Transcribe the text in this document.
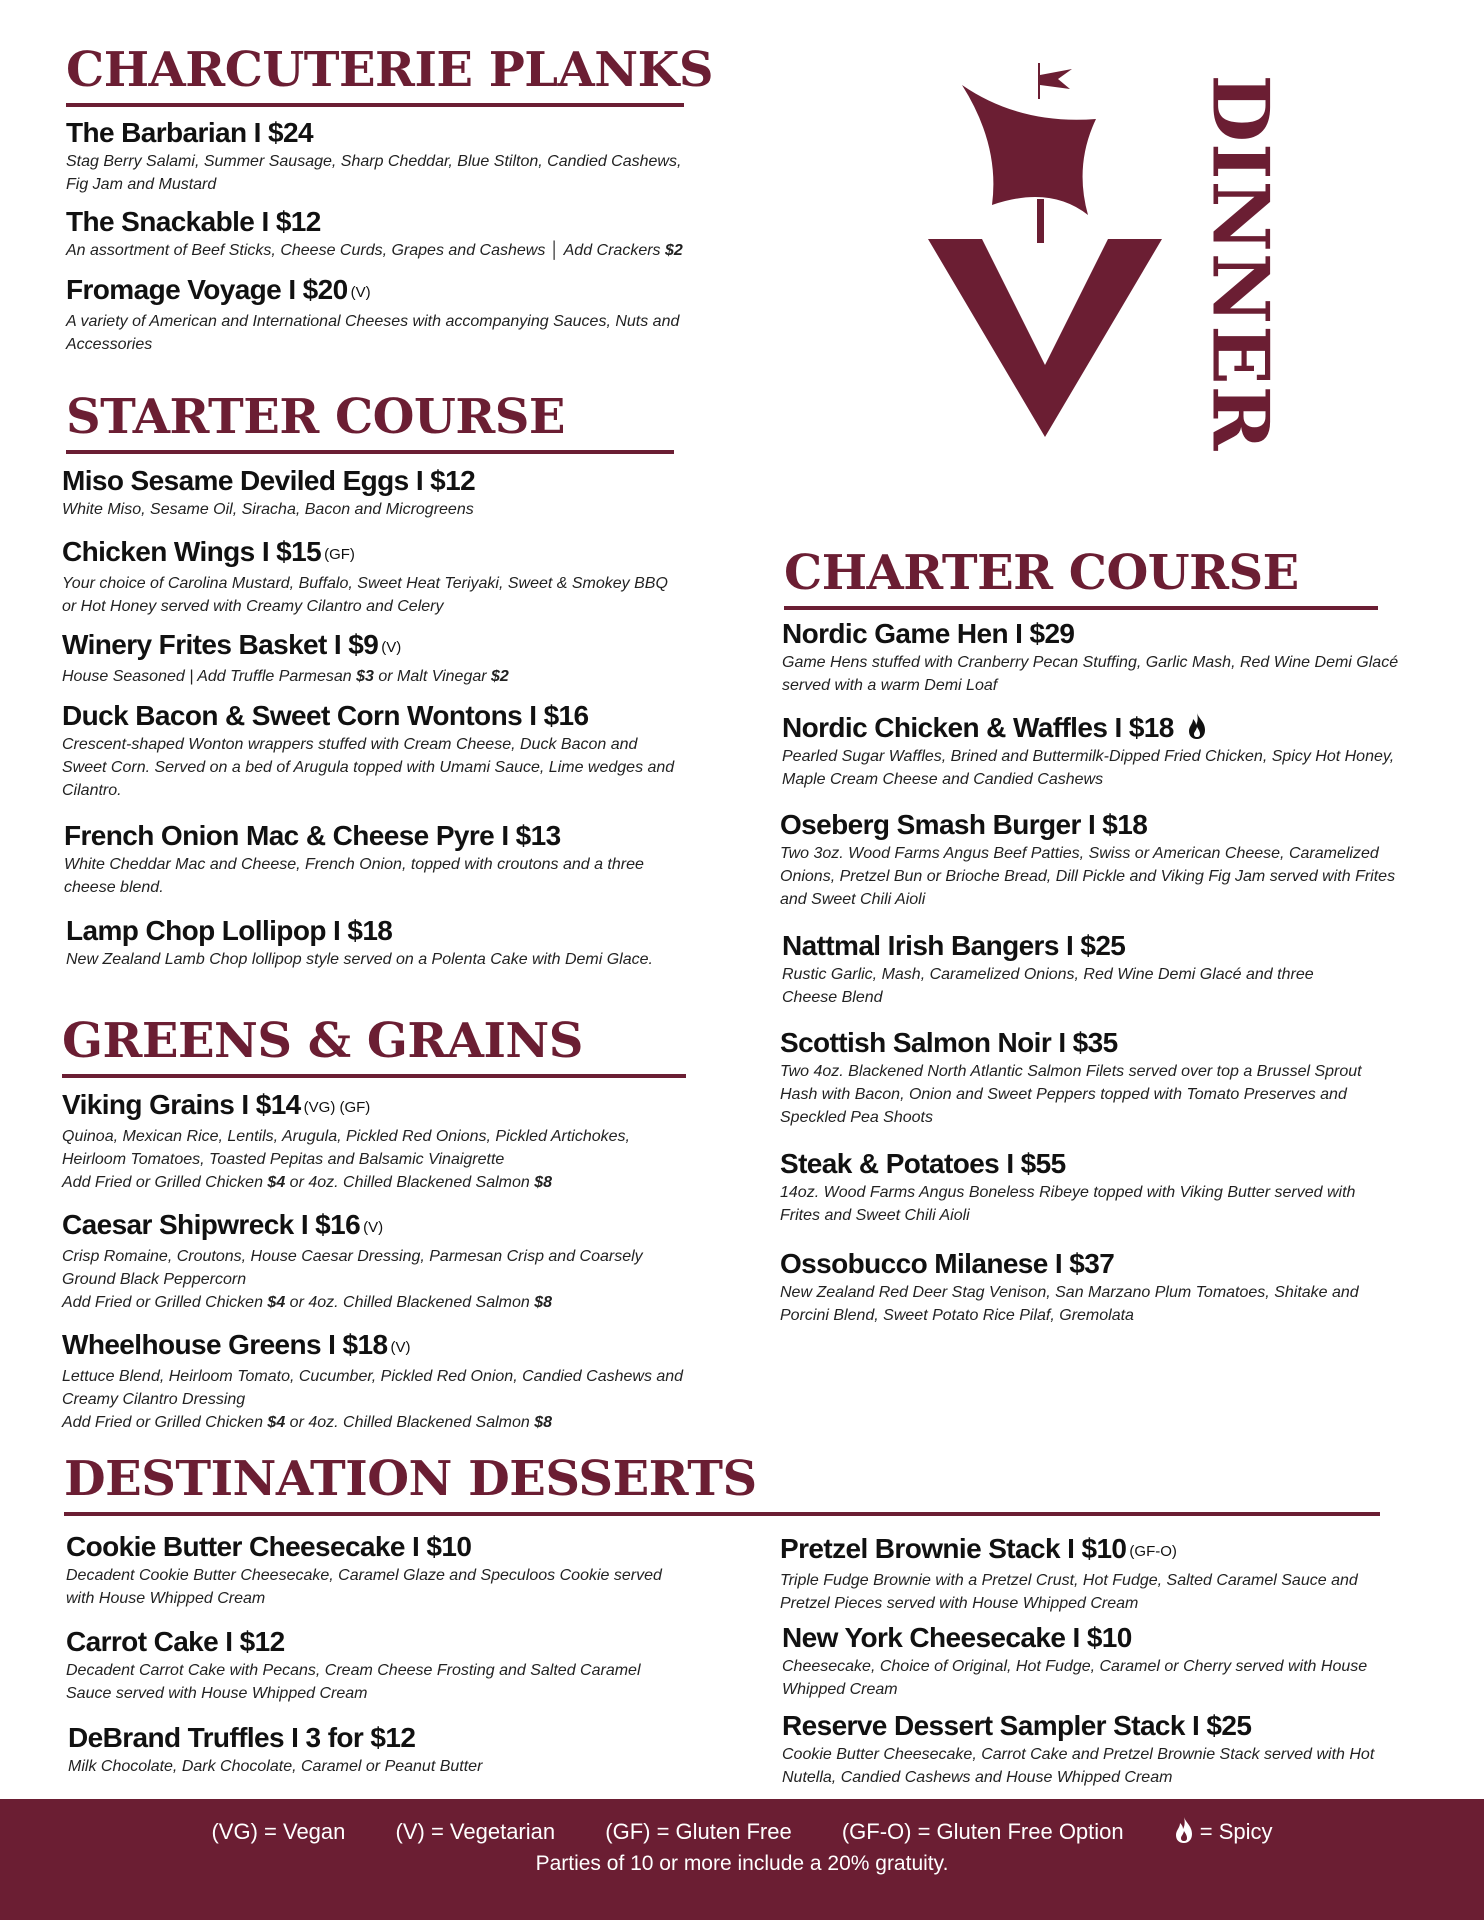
CHARCUTERIE PLANKS
The Barbarian I $24
Stag Berry Salami, Summer Sausage, Sharp Cheddar, Blue Stilton, Candied Cashews, Fig Jam and Mustard
The Snackable I $12
An assortment of Beef Sticks, Cheese Curds, Grapes and Cashews │ Add Crackers $2
Fromage Voyage I $20 (V)
A variety of American and International Cheeses with accompanying Sauces, Nuts and Accessories
STARTER COURSE
Miso Sesame Deviled Eggs I $12
White Miso, Sesame Oil, Siracha, Bacon and Microgreens
Chicken Wings I $15 (GF)
Your choice of Carolina Mustard, Buffalo, Sweet Heat Teriyaki, Sweet & Smokey BBQ or Hot Honey served with Creamy Cilantro and Celery
Winery Frites Basket I $9 (V)
House Seasoned | Add Truffle Parmesan $3 or Malt Vinegar $2
Duck Bacon & Sweet Corn Wontons I $16
Crescent-shaped Wonton wrappers stuffed with Cream Cheese, Duck Bacon and Sweet Corn. Served on a bed of Arugula topped with Umami Sauce, Lime wedges and Cilantro.
French Onion Mac & Cheese Pyre I $13
White Cheddar Mac and Cheese, French Onion, topped with croutons and a three cheese blend.
Lamp Chop Lollipop I $18
New Zealand Lamb Chop lollipop style served on a Polenta Cake with Demi Glace.
GREENS & GRAINS
Viking Grains I $14 (VG) (GF)
Quinoa, Mexican Rice, Lentils, Arugula, Pickled Red Onions, Pickled Artichokes, Heirloom Tomatoes, Toasted Pepitas and Balsamic Vinaigrette
Add Fried or Grilled Chicken $4 or 4oz. Chilled Blackened Salmon $8
Caesar Shipwreck I $16 (V)
Crisp Romaine, Croutons, House Caesar Dressing, Parmesan Crisp and Coarsely Ground Black Peppercorn
Add Fried or Grilled Chicken $4 or 4oz. Chilled Blackened Salmon $8
Wheelhouse Greens I $18 (V)
Lettuce Blend, Heirloom Tomato, Cucumber, Pickled Red Onion, Candied Cashews and Creamy Cilantro Dressing
Add Fried or Grilled Chicken $4 or 4oz. Chilled Blackened Salmon $8
DINNER
CHARTER COURSE
Nordic Game Hen I $29
Game Hens stuffed with Cranberry Pecan Stuffing, Garlic Mash, Red Wine Demi Glacé served with a warm Demi Loaf
Nordic Chicken & Waffles I $18
Pearled Sugar Waffles, Brined and Buttermilk-Dipped Fried Chicken, Spicy Hot Honey, Maple Cream Cheese and Candied Cashews
Oseberg Smash Burger I $18
Two 3oz. Wood Farms Angus Beef Patties, Swiss or American Cheese, Caramelized Onions, Pretzel Bun or Brioche Bread, Dill Pickle and Viking Fig Jam served with Frites and Sweet Chili Aioli
Nattmal Irish Bangers I $25
Rustic Garlic, Mash, Caramelized Onions, Red Wine Demi Glacé and three Cheese Blend
Scottish Salmon Noir I $35
Two 4oz. Blackened North Atlantic Salmon Filets served over top a Brussel Sprout Hash with Bacon, Onion and Sweet Peppers topped with Tomato Preserves and Speckled Pea Shoots
Steak & Potatoes I $55
14oz. Wood Farms Angus Boneless Ribeye topped with Viking Butter served with Frites and Sweet Chili Aioli
Ossobucco Milanese I $37
New Zealand Red Deer Stag Venison, San Marzano Plum Tomatoes, Shitake and Porcini Blend, Sweet Potato Rice Pilaf, Gremolata
DESTINATION DESSERTS
Cookie Butter Cheesecake I $10
Decadent Cookie Butter Cheesecake, Caramel Glaze and Speculoos Cookie served with House Whipped Cream
Carrot Cake I $12
Decadent Carrot Cake with Pecans, Cream Cheese Frosting and Salted Caramel Sauce served with House Whipped Cream
DeBrand Truffles I 3 for $12
Milk Chocolate, Dark Chocolate, Caramel or Peanut Butter
Pretzel Brownie Stack I $10 (GF-O)
Triple Fudge Brownie with a Pretzel Crust, Hot Fudge, Salted Caramel Sauce and Pretzel Pieces served with House Whipped Cream
New York Cheesecake I $10
Cheesecake, Choice of Original, Hot Fudge, Caramel or Cherry served with House Whipped Cream
Reserve Dessert Sampler Stack I $25
Cookie Butter Cheesecake, Carrot Cake and Pretzel Brownie Stack served with Hot Nutella, Candied Cashews and House Whipped Cream
(VG) = Vegan (V) = Vegetarian (GF) = Gluten Free (GF-O) = Gluten Free Option	= Spicy
Parties of 10 or more include a 20% gratuity.
